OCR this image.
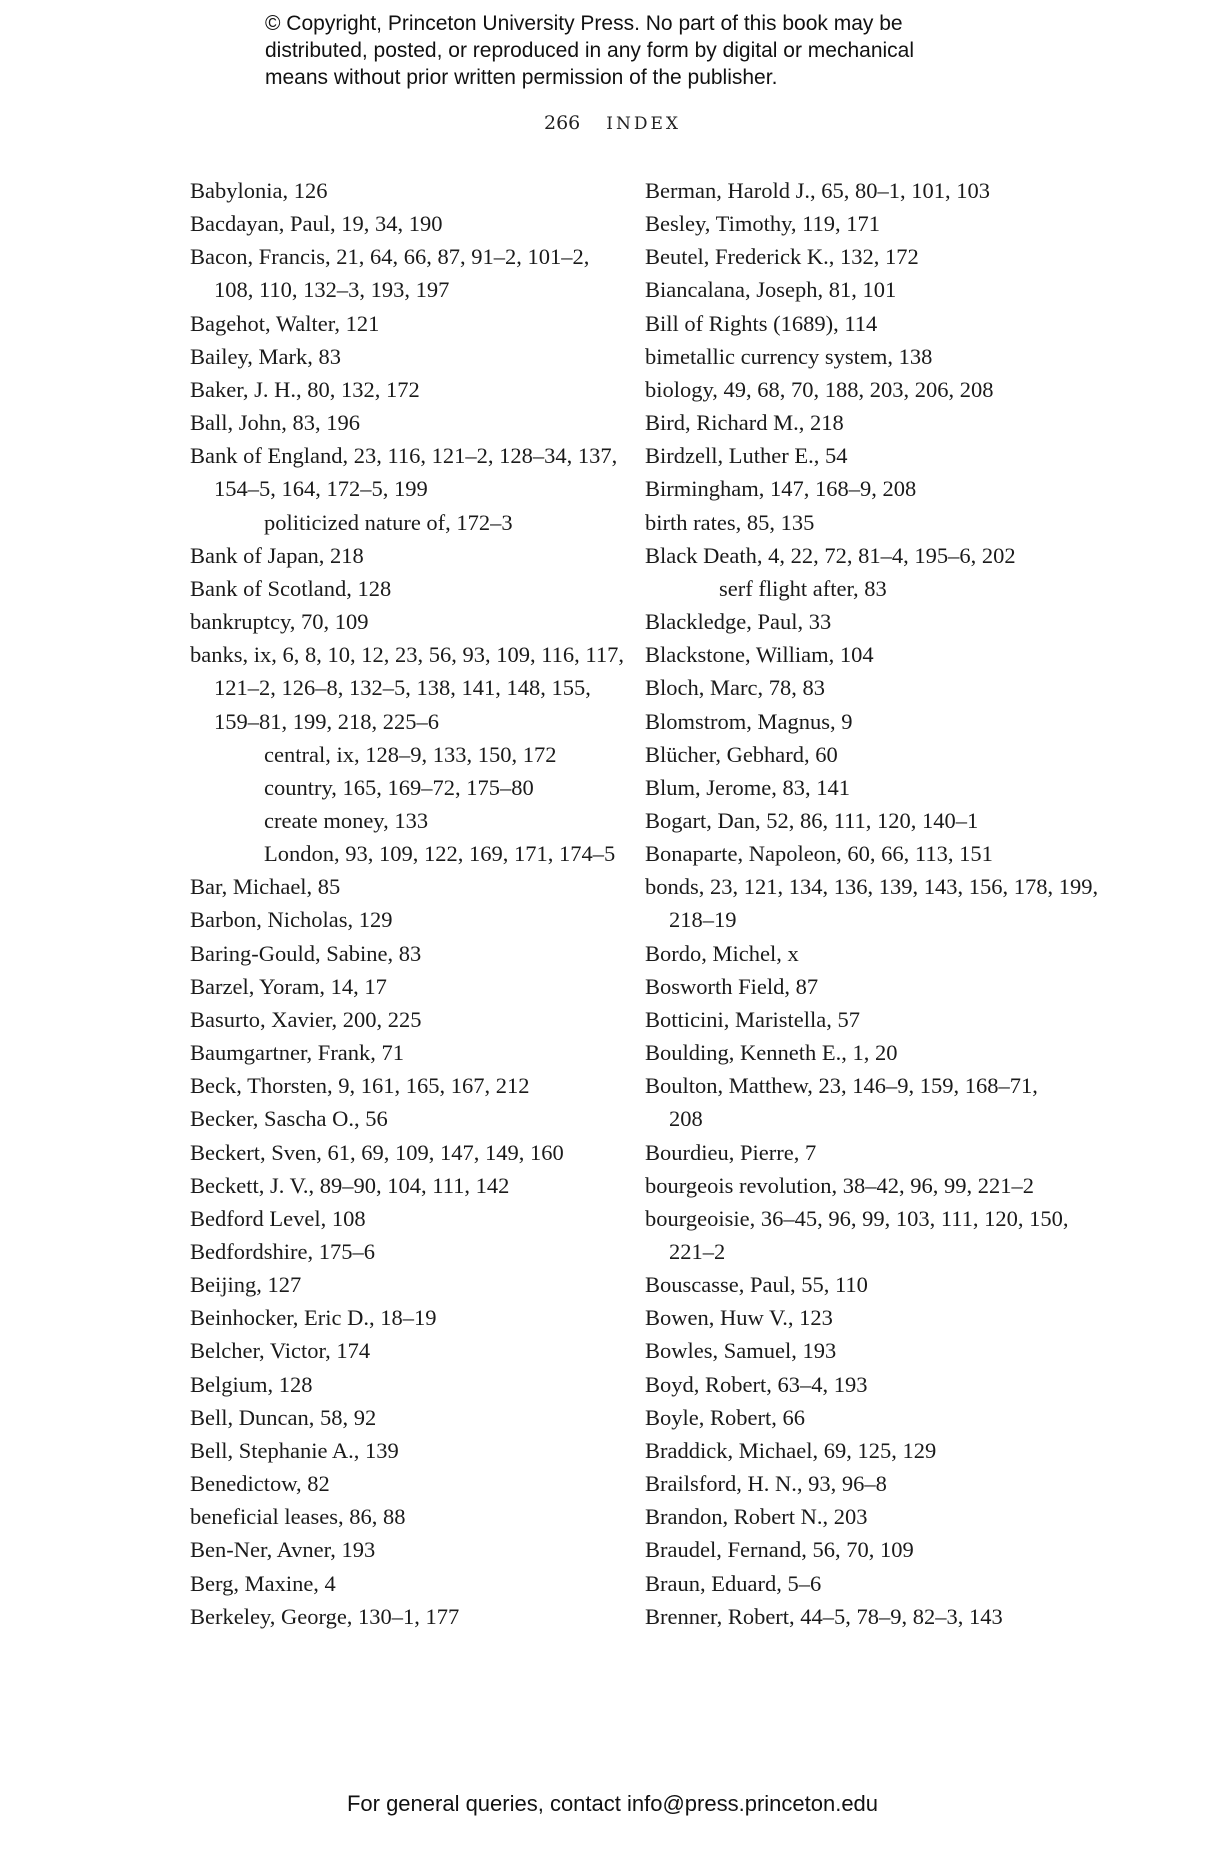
© Copyright, Princeton University Press. No part of this book may be
distributed, posted, or reproduced in any form by digital or mechanical
means without prior written permission of the publisher.
266 INDEX
Babylonia, 126
Bacdayan, Paul, 19, 34, 190
Bacon, Francis, 21, 64, 66, 87, 91–2, 101–2,
108, 110, 132–3, 193, 197
Bagehot, Walter, 121
Bailey, Mark, 83
Baker, J. H., 80, 132, 172
Ball, John, 83, 196
Bank of England, 23, 116, 121–2, 128–34, 137,
154–5, 164, 172–5, 199
politicized nature of, 172–3
Bank of Japan, 218
Bank of Scotland, 128
bankruptcy, 70, 109
banks, ix, 6, 8, 10, 12, 23, 56, 93, 109, 116, 117,
121–2, 126–8, 132–5, 138, 141, 148, 155,
159–81, 199, 218, 225–6
central, ix, 128–9, 133, 150, 172
country, 165, 169–72, 175–80
create money, 133
London, 93, 109, 122, 169, 171, 174–5
Bar, Michael, 85
Barbon, Nicholas, 129
Baring-Gould, Sabine, 83
Barzel, Yoram, 14, 17
Basurto, Xavier, 200, 225
Baumgartner, Frank, 71
Beck, Thorsten, 9, 161, 165, 167, 212
Becker, Sascha O., 56
Beckert, Sven, 61, 69, 109, 147, 149, 160
Beckett, J. V., 89–90, 104, 111, 142
Bedford Level, 108
Bedfordshire, 175–6
Beijing, 127
Beinhocker, Eric D., 18–19
Belcher, Victor, 174
Belgium, 128
Bell, Duncan, 58, 92
Bell, Stephanie A., 139
Benedictow, 82
beneficial leases, 86, 88
Ben-Ner, Avner, 193
Berg, Maxine, 4
Berkeley, George, 130–1, 177
Berman, Harold J., 65, 80–1, 101, 103
Besley, Timothy, 119, 171
Beutel, Frederick K., 132, 172
Biancalana, Joseph, 81, 101
Bill of Rights (1689), 114
bimetallic currency system, 138
biology, 49, 68, 70, 188, 203, 206, 208
Bird, Richard M., 218
Birdzell, Luther E., 54
Birmingham, 147, 168–9, 208
birth rates, 85, 135
Black Death, 4, 22, 72, 81–4, 195–6, 202
serf flight after, 83
Blackledge, Paul, 33
Blackstone, William, 104
Bloch, Marc, 78, 83
Blomstrom, Magnus, 9
Blücher, Gebhard, 60
Blum, Jerome, 83, 141
Bogart, Dan, 52, 86, 111, 120, 140–1
Bonaparte, Napoleon, 60, 66, 113, 151
bonds, 23, 121, 134, 136, 139, 143, 156, 178, 199,
218–19
Bordo, Michel, x
Bosworth Field, 87
Botticini, Maristella, 57
Boulding, Kenneth E., 1, 20
Boulton, Matthew, 23, 146–9, 159, 168–71,
208
Bourdieu, Pierre, 7
bourgeois revolution, 38–42, 96, 99, 221–2
bourgeoisie, 36–45, 96, 99, 103, 111, 120, 150,
221–2
Bouscasse, Paul, 55, 110
Bowen, Huw V., 123
Bowles, Samuel, 193
Boyd, Robert, 63–4, 193
Boyle, Robert, 66
Braddick, Michael, 69, 125, 129
Brailsford, H. N., 93, 96–8
Brandon, Robert N., 203
Braudel, Fernand, 56, 70, 109
Braun, Eduard, 5–6
Brenner, Robert, 44–5, 78–9, 82–3, 143
For general queries, contact info@press.princeton.edu
